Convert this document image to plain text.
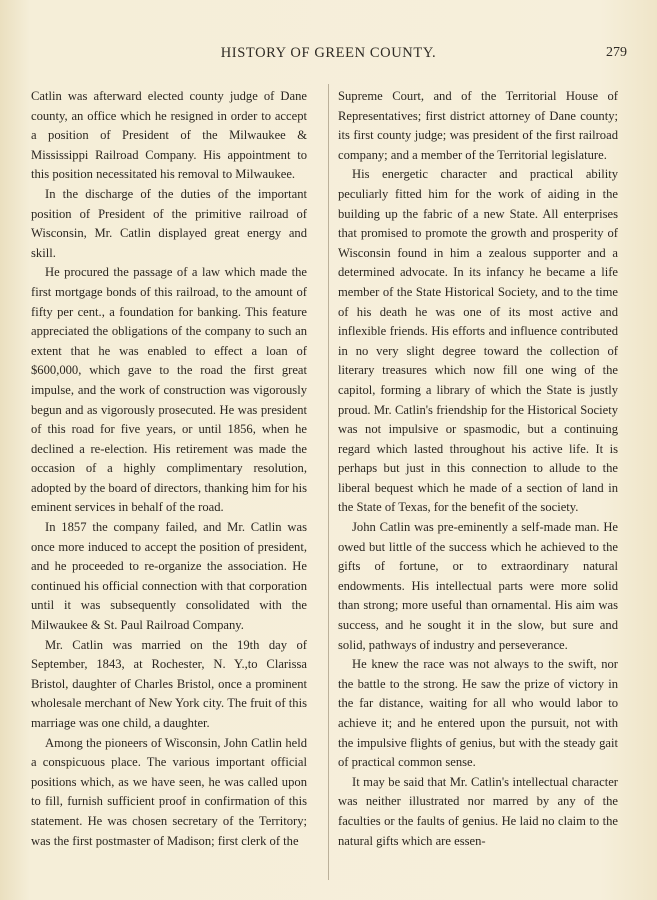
HISTORY OF GREEN COUNTY.	279

Catlin was afterward elected county judge of Dane county, an office which he resigned in order to accept a position of President of the Milwaukee & Mississippi Railroad Company. His appointment to this position necessitated his removal to Milwaukee.

In the discharge of the duties of the important position of President of the primitive railroad of Wisconsin, Mr. Catlin displayed great energy and skill.

He procured the passage of a law which made the first mortgage bonds of this railroad, to the amount of fifty per cent., a foundation for banking. This feature appreciated the obligations of the company to such an extent that he was enabled to effect a loan of $600,000, which gave to the road the first great impulse, and the work of construction was vigorously begun and as vigorously prosecuted. He was president of this road for five years, or until 1856, when he declined a re-election. His retirement was made the occasion of a highly complimentary resolution, adopted by the board of directors, thanking him for his eminent services in behalf of the road.

In 1857 the company failed, and Mr. Catlin was once more induced to accept the position of president, and he proceeded to re-organize the association. He continued his official connection with that corporation until it was subsequently consolidated with the Milwaukee & St. Paul Railroad Company.

Mr. Catlin was married on the 19th day of September, 1843, at Rochester, N. Y.,to Clarissa Bristol, daughter of Charles Bristol, once a prominent wholesale merchant of New York city. The fruit of this marriage was one child, a daughter.

Among the pioneers of Wisconsin, John Catlin held a conspicuous place. The various important official positions which, as we have seen, he was called upon to fill, furnish sufficient proof in confirmation of this statement. He was chosen secretary of the Territory; was the first postmaster of Madison; first clerk of the

Supreme Court, and of the Territorial House of Representatives; first district attorney of Dane county; its first county judge; was president of the first railroad company; and a member of the Territorial legislature.

His energetic character and practical ability peculiarly fitted him for the work of aiding in the building up the fabric of a new State. All enterprises that promised to promote the growth and prosperity of Wisconsin found in him a zealous supporter and a determined advocate. In its infancy he became a life member of the State Historical Society, and to the time of his death he was one of its most active and inflexible friends. His efforts and influence contributed in no very slight degree toward the collection of literary treasures which now fill one wing of the capitol, forming a library of which the State is justly proud. Mr. Catlin's friendship for the Historical Society was not impulsive or spasmodic, but a continuing regard which lasted throughout his active life. It is perhaps but just in this connection to allude to the liberal bequest which he made of a section of land in the State of Texas, for the benefit of the society.

John Catlin was pre-eminently a self-made man. He owed but little of the success which he achieved to the gifts of fortune, or to extraordinary natural endowments. His intellectual parts were more solid than strong; more useful than ornamental. His aim was success, and he sought it in the slow, but sure and solid, pathways of industry and perseverance.

He knew the race was not always to the swift, nor the battle to the strong. He saw the prize of victory in the far distance, waiting for all who would labor to achieve it; and he entered upon the pursuit, not with the impulsive flights of genius, but with the steady gait of practical common sense.

It may be said that Mr. Catlin's intellectual character was neither illustrated nor marred by any of the faculties or the faults of genius. He laid no claim to the natural gifts which are essen-
